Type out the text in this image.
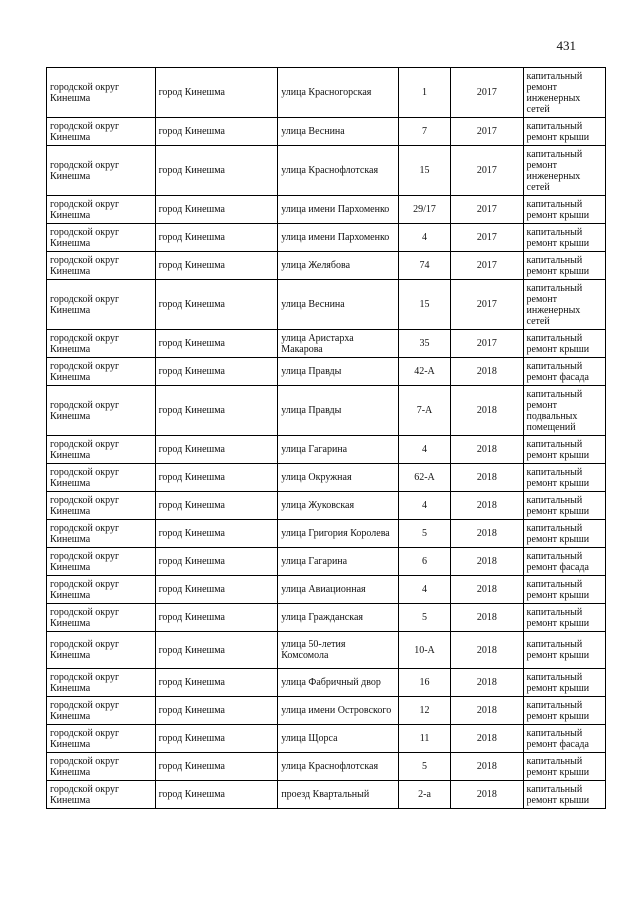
431
городской округ Кинешма	город Кинешма	улица Красногорская	1	2017	капитальный ремонт инженерных сетей
городской округ Кинешма	город Кинешма	улица Веснина	7	2017	капитальный ремонт крыши
городской округ Кинешма	город Кинешма	улица Краснофлотская	15	2017	капитальный ремонт инженерных сетей
городской округ Кинешма	город Кинешма	улица имени Пархоменко	29/17	2017	капитальный ремонт крыши
городской округ Кинешма	город Кинешма	улица имени Пархоменко	4	2017	капитальный ремонт крыши
городской округ Кинешма	город Кинешма	улица Желябова	74	2017	капитальный ремонт крыши
городской округ Кинешма	город Кинешма	улица Веснина	15	2017	капитальный ремонт инженерных сетей
городской округ Кинешма	город Кинешма	улица Аристарха Макарова	35	2017	капитальный ремонт крыши
городской округ Кинешма	город Кинешма	улица Правды	42-А	2018	капитальный ремонт фасада
городской округ Кинешма	город Кинешма	улица Правды	7-А	2018	капитальный ремонт подвальных помещений
городской округ Кинешма	город Кинешма	улица Гагарина	4	2018	капитальный ремонт крыши
городской округ Кинешма	город Кинешма	улица Окружная	62-А	2018	капитальный ремонт крыши
городской округ Кинешма	город Кинешма	улица Жуковская	4	2018	капитальный ремонт крыши
городской округ Кинешма	город Кинешма	улица Григория Королева	5	2018	капитальный ремонт крыши
городской округ Кинешма	город Кинешма	улица Гагарина	6	2018	капитальный ремонт фасада
городской округ Кинешма	город Кинешма	улица Авиационная	4	2018	капитальный ремонт крыши
городской округ Кинешма	город Кинешма	улица Гражданская	5	2018	капитальный ремонт крыши
городской округ Кинешма	город Кинешма	улица 50-летия Комсомола	10-А	2018	капитальный ремонт крыши
городской округ Кинешма	город Кинешма	улица Фабричный двор	16	2018	капитальный ремонт крыши
городской округ Кинешма	город Кинешма	улица имени Островского	12	2018	капитальный ремонт крыши
городской округ Кинешма	город Кинешма	улица Щорса	11	2018	капитальный ремонт фасада
городской округ Кинешма	город Кинешма	улица Краснофлотская	5	2018	капитальный ремонт крыши
городской округ Кинешма	город Кинешма	проезд Квартальный	2-а	2018	капитальный ремонт крыши
